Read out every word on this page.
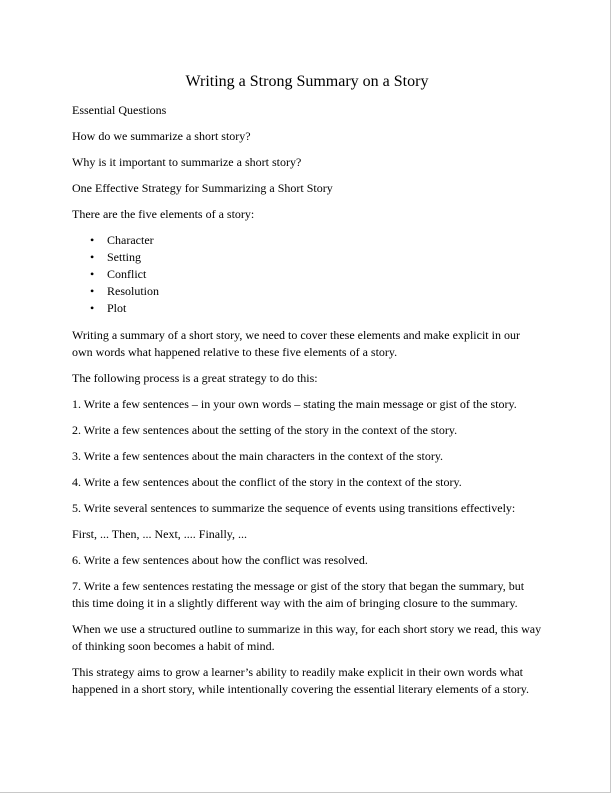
Writing a Strong Summary on a Story

Essential Questions

How do we summarize a short story?

Why is it important to summarize a short story?

One Effective Strategy for Summarizing a Short Story

There are the five elements of a story:

• Character
• Setting
• Conflict
• Resolution
• Plot

Writing a summary of a short story, we need to cover these elements and make explicit in our own words what happened relative to these five elements of a story.

The following process is a great strategy to do this:

1. Write a few sentences – in your own words – stating the main message or gist of the story.

2. Write a few sentences about the setting of the story in the context of the story.

3. Write a few sentences about the main characters in the context of the story.

4. Write a few sentences about the conflict of the story in the context of the story.

5. Write several sentences to summarize the sequence of events using transitions effectively:

First, ... Then, ... Next, .... Finally, ...

6. Write a few sentences about how the conflict was resolved.

7. Write a few sentences restating the message or gist of the story that began the summary, but this time doing it in a slightly different way with the aim of bringing closure to the summary.

When we use a structured outline to summarize in this way, for each short story we read, this way of thinking soon becomes a habit of mind.

This strategy aims to grow a learner’s ability to readily make explicit in their own words what happened in a short story, while intentionally covering the essential literary elements of a story.
